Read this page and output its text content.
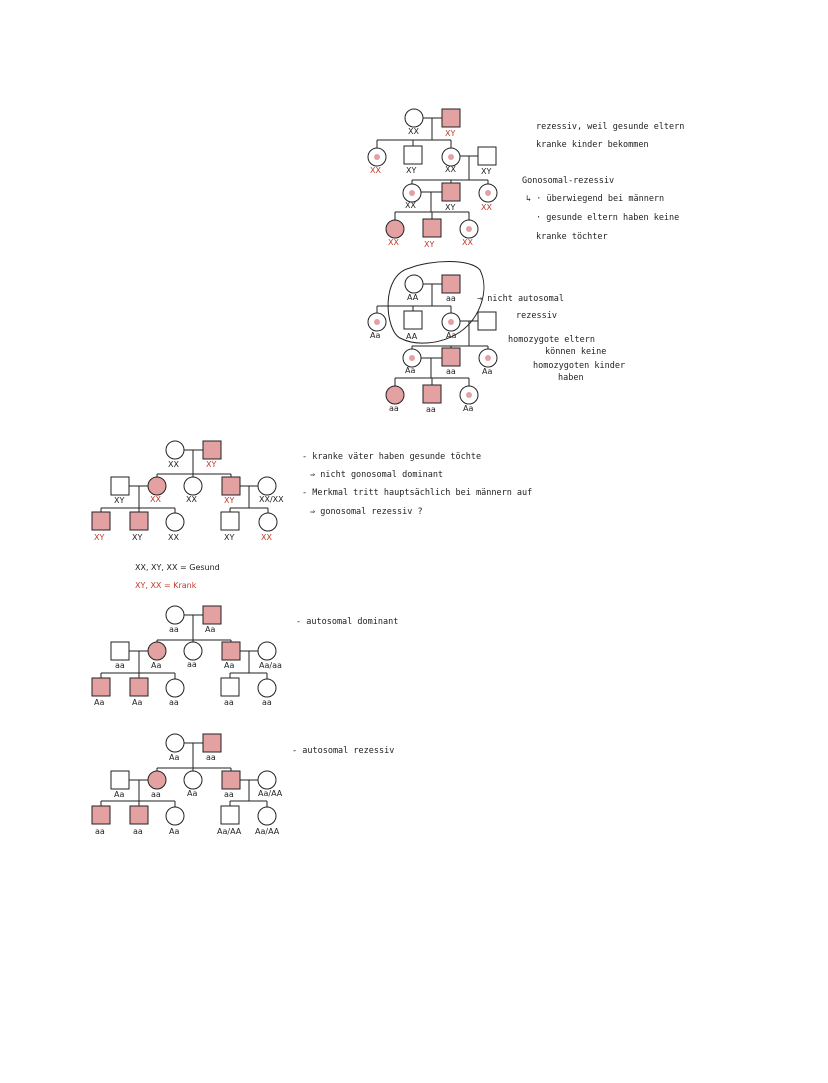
XX	XY
XX	XY	XX	XY
XX	XY	XX
XX	XY	XX
rezessiv, weil gesunde eltern
kranke kinder bekommen
Gonosomal-rezessiv
↳ · überwiegend bei männern
· gesunde eltern haben keine
kranke töchter
AA	aa
Aa	AA	Aa
Aa	aa	Aa
aa	aa	Aa
→ nicht autosomal
rezessiv
homozygote eltern
können keine
homozygoten kinder
haben
XX	XY
XY	XX	XX	XY	XX/XX
XY	XY	XX	XY	XX
XX, XY, XX = Gesund
XY, XX = Krank
- kranke väter haben gesunde töchte
⇒ nicht gonosomal dominant
- Merkmal tritt hauptsächlich bei männern auf
⇒ gonosomal rezessiv ?
aa	Aa
aa	Aa	aa	Aa	Aa/aa
Aa	Aa	aa	aa	aa
- autosomal dominant
Aa	aa
Aa	aa	Aa	aa	Aa/AA
aa	aa	Aa	Aa/AA Aa/AA
- autosomal rezessiv
